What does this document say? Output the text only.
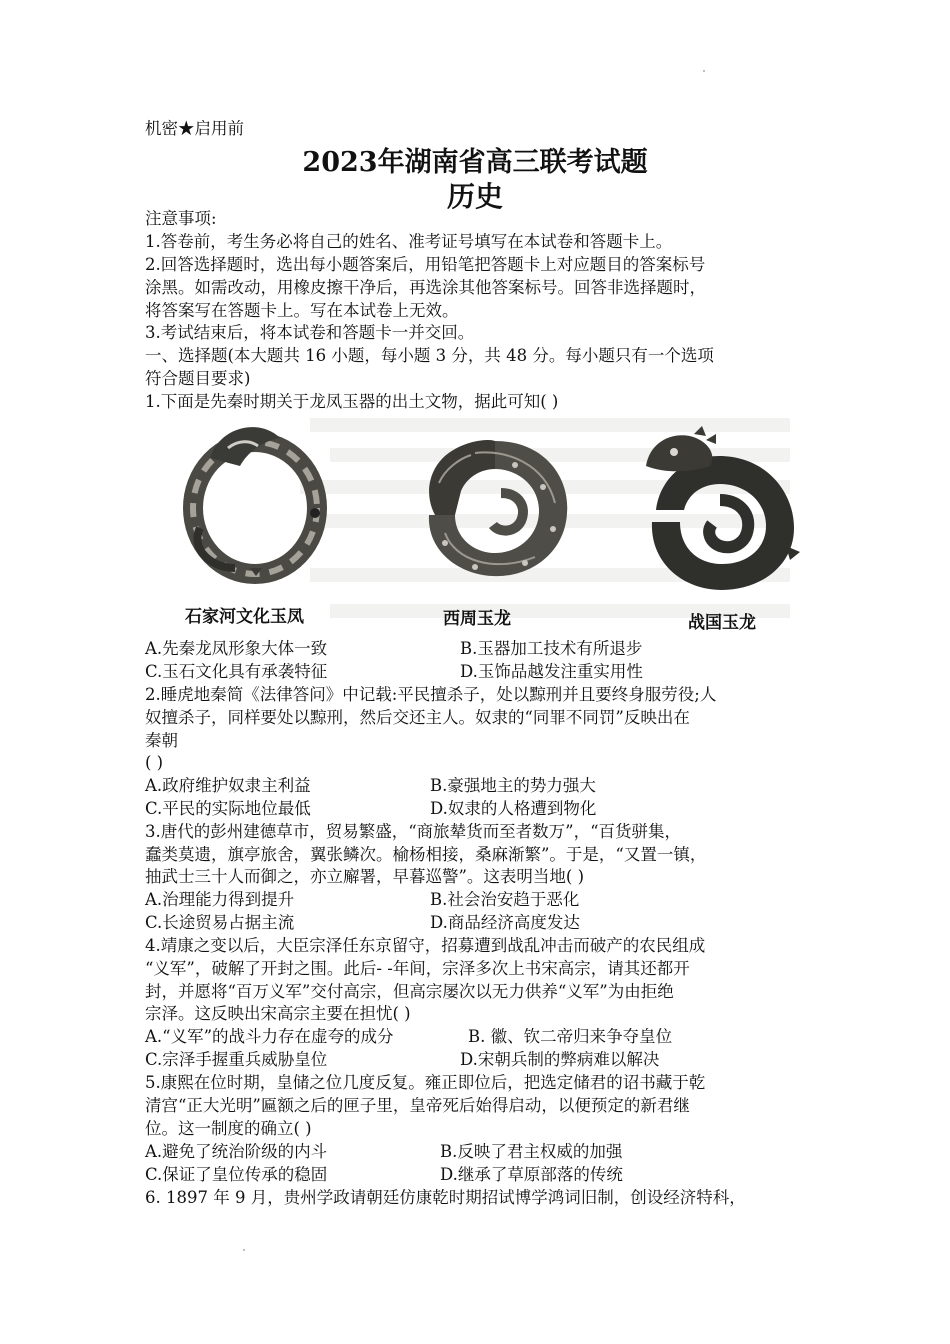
机密★启用前
2023年湖南省高三联考试题
历史
注意事项:
1.答卷前，考生务必将自己的姓名、准考证号填写在本试卷和答题卡上。
2.回答选择题时，选出每小题答案后，用铅笔把答题卡上对应题目的答案标号
涂黑。如需改动，用橡皮擦干净后，再选涂其他答案标号。回答非选择题时，
将答案写在答题卡上。写在本试卷上无效。
3.考试结束后，将本试卷和答题卡一并交回。
一、选择题(本大题共 16 小题，每小题 3 分，共 48 分。每小题只有一个选项
符合题目要求)
1.下面是先秦时期关于龙凤玉器的出土文物，据此可知( )
石家河文化玉凤	西周玉龙	战国玉龙
A.先秦龙凤形象大体一致	B.玉器加工技术有所退步
C.玉石文化具有承袭特征	D.玉饰品越发注重实用性
2.睡虎地秦简《法律答问》中记载:平民擅杀子，处以黥刑并且要终身服劳役;人
奴擅杀子，同样要处以黥刑，然后交还主人。奴隶的“同罪不同罚”反映出在
秦朝
( )
A.政府维护奴隶主利益	B.豪强地主的势力强大
C.平民的实际地位最低	D.奴隶的人格遭到物化
3.唐代的彭州建德草市，贸易繁盛，“商旅辇货而至者数万”，“百货骈集，
蠢类莫遗，旗亭旅舍，翼张鳞次。榆杨相接，桑麻渐繁”。于是，“又置一镇，
抽武士三十人而御之，亦立廨署，早暮巡警”。这表明当地( )
A.治理能力得到提升	B.社会治安趋于恶化
C.长途贸易占据主流	D.商品经济高度发达
4.靖康之变以后，大臣宗泽任东京留守，招募遭到战乱冲击而破产的农民组成
“义军”，破解了开封之围。此后- -年间，宗泽多次上书宋高宗，请其还都开
封，并愿将“百万义军”交付高宗，但高宗屡次以无力供养“义军”为由拒绝
宗泽。这反映出宋高宗主要在担忧( )
A.“义军”的战斗力存在虚夸的成分	B. 徽、钦二帝归来争夺皇位
C.宗泽手握重兵威胁皇位	D.宋朝兵制的弊病难以解决
5.康熙在位时期，皇储之位几度反复。雍正即位后，把选定储君的诏书藏于乾
清宫“正大光明”匾额之后的匣子里，皇帝死后始得启动，以便预定的新君继
位。这一制度的确立( )
A.避免了统治阶级的内斗	B.反映了君主权威的加强
C.保证了皇位传承的稳固	D.继承了草原部落的传统
6. 1897 年 9 月，贵州学政请朝廷仿康乾时期招试博学鸿词旧制，创设经济特科，
